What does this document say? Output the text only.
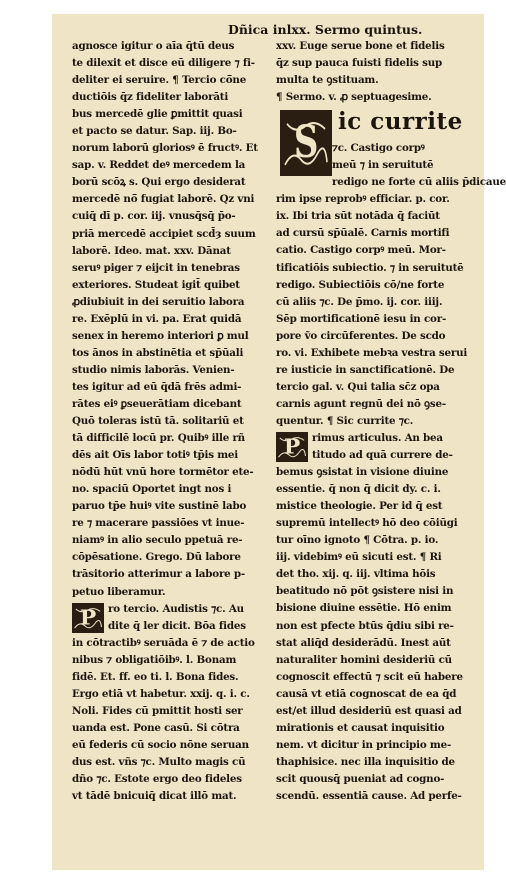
Dñica inlxx. Sermo quintus.
agnosce igitur o aīa q̄tū deus
te dilexit et disce eū diligere ⁊ fi-
deliter ei seruire. ¶ Tercio cō̄ne
ductiōis q̄z fideliter laborāti
bus mercedē glie ꝑmittit quasi
et pacto se datur. Sap. iij. Bo-
norum laborū gloriosꝰ ē fructꝰ. Et
sap. v. Reddet deꝰ mercedem la
borū scōꝝ s. Qui ergo desiderat
mercedē nō̄ fugiat laborē. Qz vni
cuiq̄ dī p. cor. iij. vnusq̄sq̄ p̄o-
priā mercedē accipiet scd̄ȝ suum
laborē. Ideo. mat. xxv. Dānat
seruꝰ piger ⁊ eijcit in tenebras
exteriores. Studeat igit̄ quibet
ꝓdiubiuit in dei seruitio labora
re. Exēplū in vi. pa. Erat quidā
senex in heremo interiori ꝑ mul
tos ānos in abstinētia et sp̄ūali
studio nimis laborās. Venien-
tes igitur ad eū q̄dā frēs admi-
rātes eiꝰ ꝑseuerātiam dicebant
Quō toleras istū tā. solitariū et
tā difficilē locū pr. Quibꝰ ille rñ
dēs ait Oīs labor totiꝰ tp̄is mei
nōdū hūt vnū hore tormētor ete-
no. spaciū Oportet ingt nos i
paruo tp̄e huiꝰ vite sustinē labo
re ⁊ macerare passiōes vt inue-
niamꝰ in alio seculo ppetuā re-
cōpēsatione. Grego. Dū labore
trāsitorio atterimur a labore p-
petuo liberamur.
P	ro tercio. Audistis ⁊c. Au
dite q̄ ler dicit. Bōa fides
in cōtractibꝰ seruāda ē ⁊ de actio
nibus ⁊ obligatiōibꝰ. l. Bonam
fidē. Et. ff. eo ti. l. Bona fides.
Ergo etiā vt habetur. xxij. q. i. c.
Noli. Fides cū pmittit hosti ser
uanda est. Pone casū. Si cōtra
eū federis cū socio nōne seruan
dus est. vñs ⁊c. Multo magis cū
dño ⁊c. Estote ergo deo fideles
vt tādē bnicuiq̄ dicat illō mat.
xxv. Euge serue bone et fidelis
q̄z sup pauca fuisti fidelis sup
multa te ꝯstituam.
¶ Sermo. v. ꝓ septuagesime.
S ic currite
⁊c. Castigo corpꝰ
meū ⁊ in seruitutē
redigo ne forte cū aliis p̄dicaue
rim ipse reprobꝰ efficiar. p. cor.
ix. Ibi tria sūt notāda q̄ faciūt
ad cursū sp̄ūalē. Carnis mortifi
catio. Castigo corpꝰ meū. Mor-
tificatiōis subiectio. ⁊ in seruitutē
redigo. Subiectiōis cō/ne forte
cū aliis ⁊c. De p̄mo. ij. cor. iiij.
Sēp mortificationē iesu in cor-
pore ṽo circūferentes. De scdo
ro. vi. Exhibete mebꝛa vestra serui
re iusticie in sanctificationē. De
tercio gal. v. Qui talia sc̄z opa
carnis agunt regnū dei nō ꝯse-
quentur. ¶ Sic currite ⁊c.
P	rimus articulus. An bea
titudo ad quā currere de-
bemus ꝯsistat in visione diuine
essentie. q̄ non q̄ dicit dy. c. i.
mistice theologie. Per id q̄ est
supremū intellectꝰ hō deo cōiūgi
tur oīno ignoto ¶ Cōtra. p. io.
iij. videbimꝰ eū sicuti est. ¶ Ri
det tho. xij. q. iij. vltima hōis
beatitudo nō pōt ꝯsistere nisi in
bisione diuine essētie. Hō enim
non est pfecte btūs q̄diu sibi re-
stat aliq̄d desiderādū. Inest aūt
naturaliter homini desideriū cū
cognoscit effectū ⁊ scit eū habere
causā vt etiā cognoscat de ea q̄d
est/et illud desideriū est quasi ad
mirationis et causat inquisitio
nem. vt dicitur in principio me-
thaphisice. nec illa inquisitio de
scit quousq̄ pueniat ad cogno-
scendū. essentiā cause. Ad perfe-
